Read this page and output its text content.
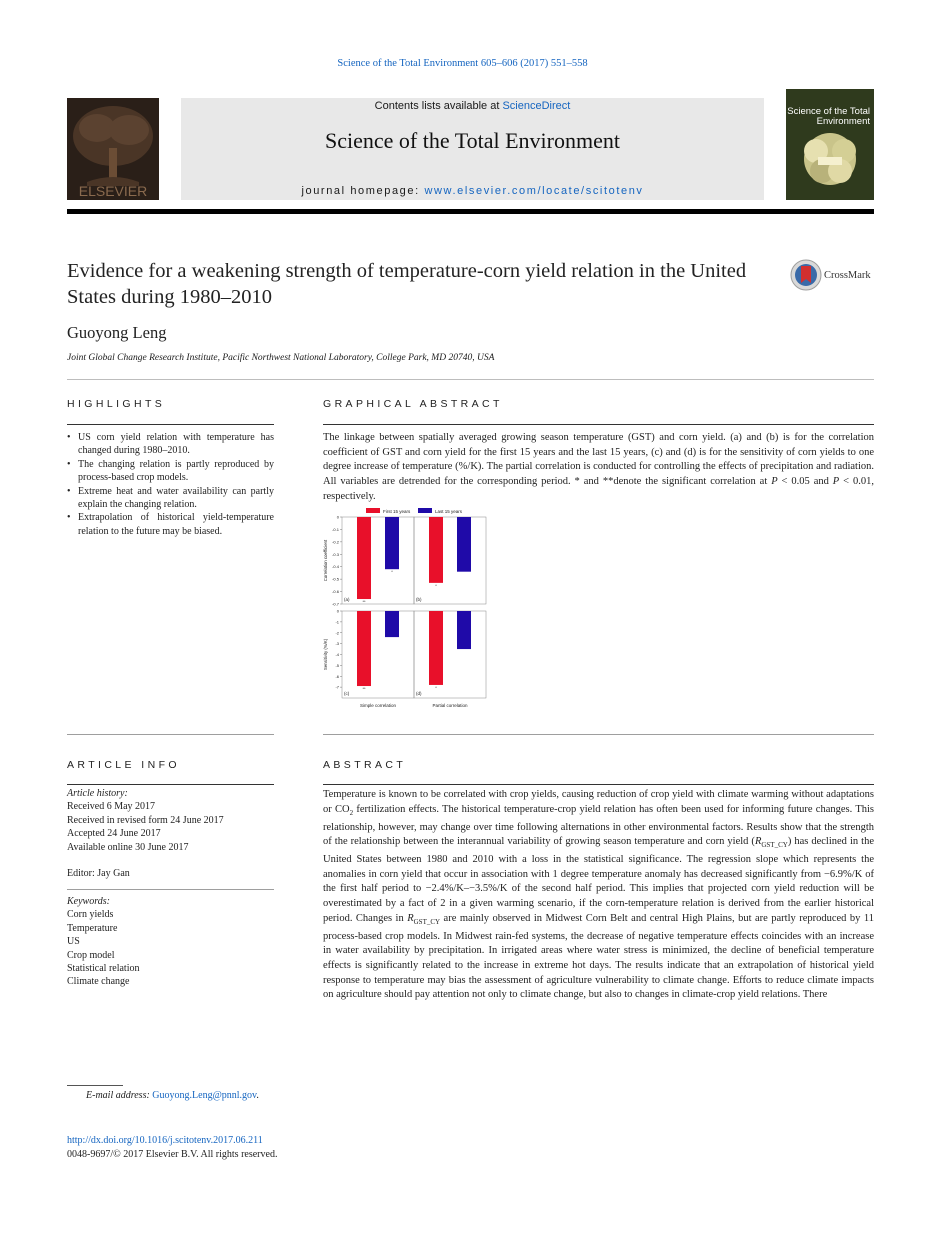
Science of the Total Environment 605–606 (2017) 551–558
ELSEVIER
Contents lists available at ScienceDirect
Science of the Total Environment
journal homepage: www.elsevier.com/locate/scitotenv
Science of the Total Environment
Evidence for a weakening strength of temperature-corn yield relation in the United States during 1980–2010
CrossMark
Guoyong Leng
Joint Global Change Research Institute, Pacific Northwest National Laboratory, College Park, MD 20740, USA
HIGHLIGHTS
• US corn yield relation with temperature has changed during 1980–2010.
• The changing relation is partly reproduced by process-based crop models.
• Extreme heat and water availability can partly explain the changing relation.
• Extrapolation of historical yield-temperature relation to the future may be biased.
GRAPHICAL ABSTRACT
The linkage between spatially averaged growing season temperature (GST) and corn yield. (a) and (b) is for the correlation coefficient of GST and corn yield for the first 15 years and the last 15 years, (c) and (d) is for the sensitivity of corn yields to one degree increase of temperature (%/K). The partial correlation is conducted for controlling the effects of precipitation and radiation. All variables are detrended for the corresponding period. * and **denote the significant correlation at P < 0.05 and P < 0.01, respectively.
First 15 years	Last 15 years
(a)
0
-0.1
-0.2
-0.3
-0.4
-0.5
-0.6
-0.7
Correlation coefficient
**
*
(b)
*
(c)
0
-1
-2
-3
-4
-5
-6
-7
Sensitivity (%/K)
**
(d)
*
Simple correlation	Partial correlation
ARTICLE INFO
Article history:
Received 6 May 2017
Received in revised form 24 June 2017
Accepted 24 June 2017
Available online 30 June 2017
Editor: Jay Gan
Keywords:
Corn yields
Temperature
US
Crop model
Statistical relation
Climate change
ABSTRACT
Temperature is known to be correlated with crop yields, causing reduction of crop yield with climate warming without adaptations or $CO_2$ fertilization effects. The historical temperature-crop yield relation has often been used for informing future changes. This relationship, however, may change over time following alternations in other environmental factors. Results show that the strength of the relationship between the interannual variability of growing season temperature and corn yield $(R_{GST\_CY})$ has declined in the United States between 1980 and 2010 with a loss in the statistical significance. The regression slope which represents the anomalies in corn yield that occur in association with 1 degree temperature anomaly has decreased significantly from −6.9%/K of the first half period to −2.4%/K–−3.5%/K of the second half period. This implies that projected corn yield reduction will be overestimated by a fact of 2 in a given warming scenario, if the corn-temperature relation is derived from the earlier historical period. Changes in $R_{GST\_CY}$ are mainly observed in Midwest Corn Belt and central High Plains, but are partly reproduced by 11 process-based crop models. In Midwest rain-fed systems, the decrease of negative temperature effects coincides with an increase in water availability by precipitation. In irrigated areas where water stress is minimized, the decline of beneficial temperature effects is significantly related to the increase in extreme hot days. The results indicate that an extrapolation of historical yield response to temperature may bias the assessment of agriculture vulnerability to climate change. Efforts to reduce climate impacts on agriculture should pay attention not only to climate change, but also to changes in climate-crop yield relations. There
E-mail address: Guoyong.Leng@pnnl.gov.
http://dx.doi.org/10.1016/j.scitotenv.2017.06.211
0048-9697/© 2017 Elsevier B.V. All rights reserved.
